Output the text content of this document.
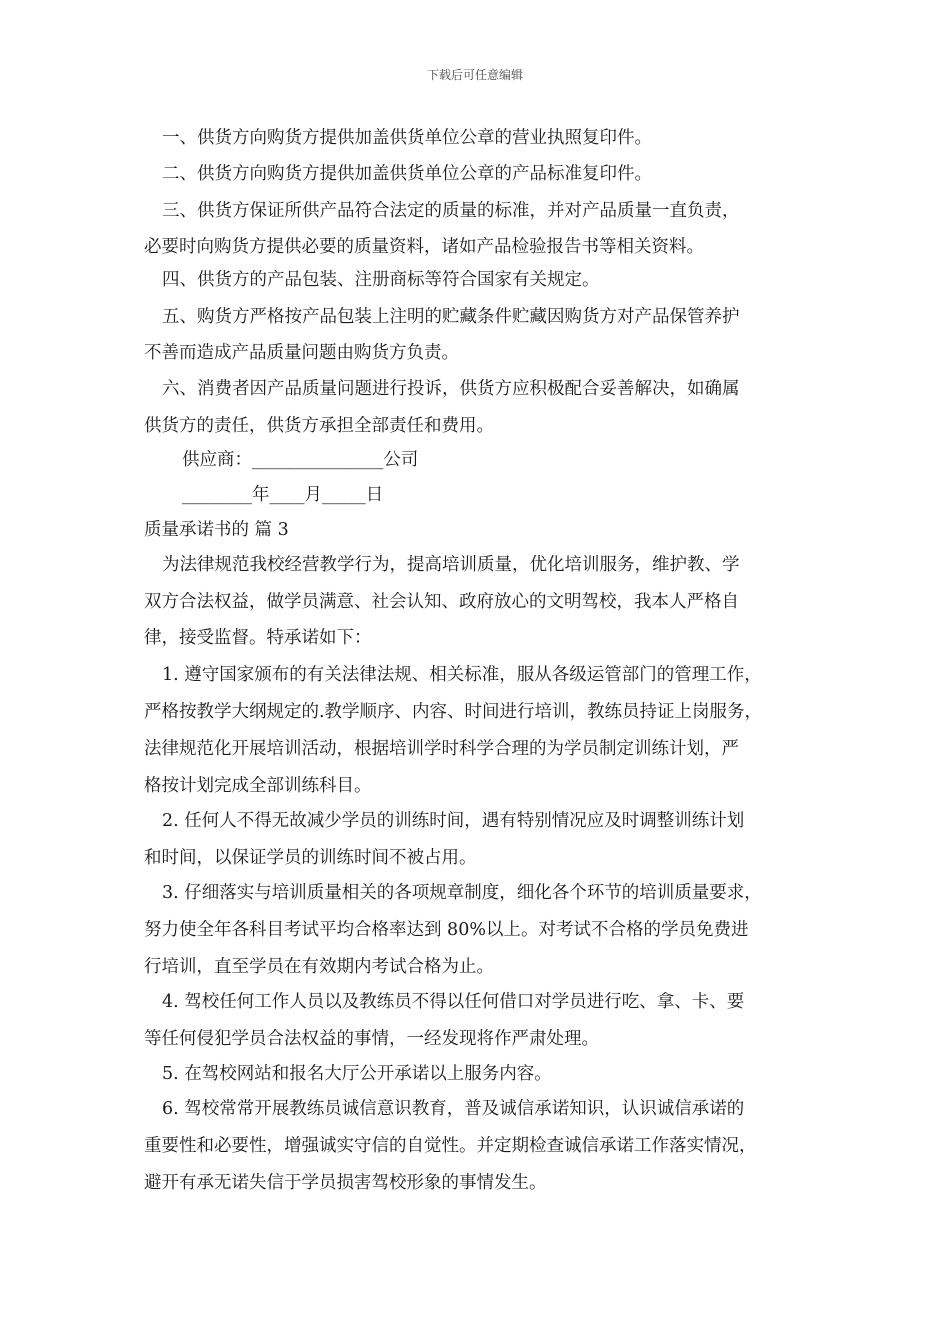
下载后可任意编辑
一、供货方向购货方提供加盖供货单位公章的营业执照复印件。
二、供货方向购货方提供加盖供货单位公章的产品标准复印件。
三、供货方保证所供产品符合法定的质量的标准，并对产品质量一直负责，
必要时向购货方提供必要的质量资料，诸如产品检验报告书等相关资料。
四、供货方的产品包装、注册商标等符合国家有关规定。
五、购货方严格按产品包装上注明的贮藏条件贮藏因购货方对产品保管养护
不善而造成产品质量问题由购货方负责。
六、消费者因产品质量问题进行投诉，供货方应积极配合妥善解决，如确属
供货方的责任，供货方承担全部责任和费用。
供应商：_______________公司
________年____月_____日
质量承诺书的 篇 3
为法律规范我校经营教学行为，提高培训质量，优化培训服务，维护教、学
双方合法权益，做学员满意、社会认知、政府放心的文明驾校，我本人严格自
律，接受监督。特承诺如下：
1. 遵守国家颁布的有关法律法规、相关标准，服从各级运管部门的管理工作，
严格按教学大纲规定的.教学顺序、内容、时间进行培训，教练员持证上岗服务，
法律规范化开展培训活动，根据培训学时科学合理的为学员制定训练计划，严
格按计划完成全部训练科目。
2. 任何人不得无故减少学员的训练时间，遇有特别情况应及时调整训练计划
和时间，以保证学员的训练时间不被占用。
3. 仔细落实与培训质量相关的各项规章制度，细化各个环节的培训质量要求，
努力使全年各科目考试平均合格率达到 80%以上。对考试不合格的学员免费进
行培训，直至学员在有效期内考试合格为止。
4. 驾校任何工作人员以及教练员不得以任何借口对学员进行吃、拿、卡、要
等任何侵犯学员合法权益的事情，一经发现将作严肃处理。
5. 在驾校网站和报名大厅公开承诺以上服务内容。
6. 驾校常常开展教练员诚信意识教育，普及诚信承诺知识，认识诚信承诺的
重要性和必要性，增强诚实守信的自觉性。并定期检查诚信承诺工作落实情况，
避开有承无诺失信于学员损害驾校形象的事情发生。
